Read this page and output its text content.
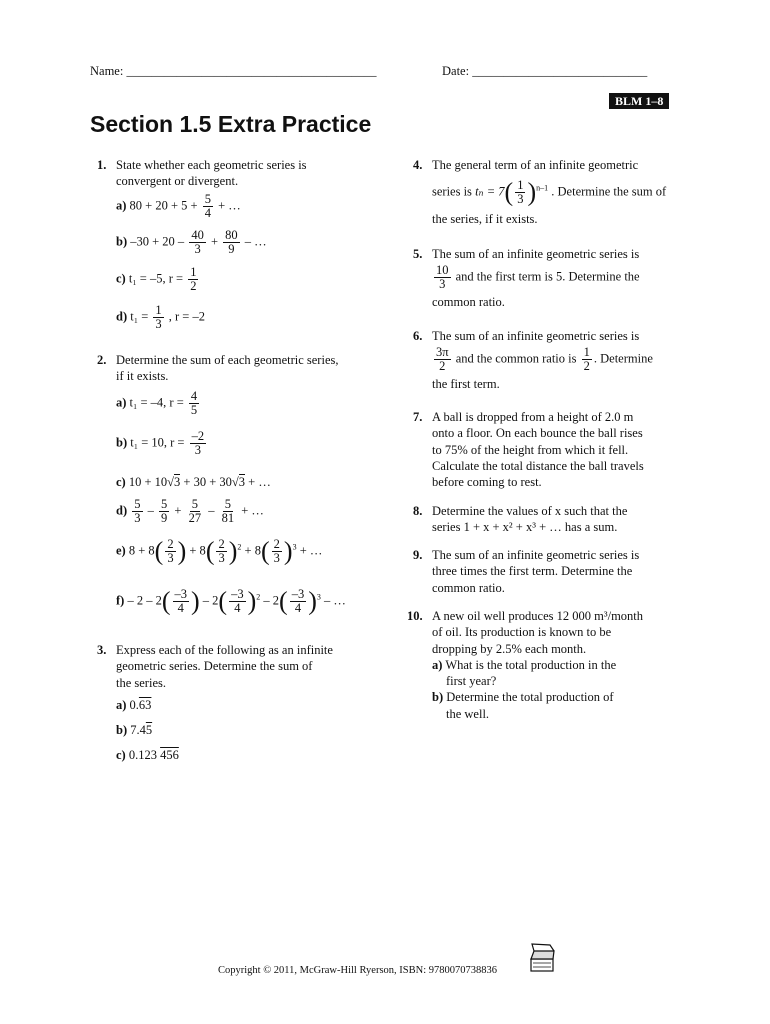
Name: ________________________________________	Date: ____________________________
BLM 1–8
Section 1.5 Extra Practice
1. State whether each geometric series is
convergent or divergent.
a) $80 + 20 + 5 + \frac{5}{4}$ + …
b) $-30 + 20 - \frac{40}{3} + \frac{80}{9}$ – …
c) t₁ = –5, $r = \frac{1}{2}$
d) $t_1 = \frac{1}{3}$ , r = –2
2. Determine the sum of each geometric series,
if it exists.
a) t₁ = –4, $r = \frac{4}{5}$
b) t₁ = 10, $r = \frac{-2}{3}$
c) 10 + 10√3 + 30 + 30√3 + …
$d) \frac{5}{3} - \frac{5}{9} + \frac{5}{27} - \frac{5}{81}$ + …
e) $8 + 8( \frac{2}{3}$ ) + $8( \frac{2}{3} )^2 + 8( \frac{2}{3} )^3$ + …
$f) - 2 - 2( \frac{-3}{4}$ ) – $2( \frac{-3}{4} )^2 - 2( \frac{-3}{4} )^3$ – …
3. Express each of the following as an infinite
geometric series. Determine the sum of
the series.
a) 0.63
b) 7.45
c) 0.123 456
4. The general term of an infinite geometric
series is $t_n = 7( \frac{1}{3} )^{n-1}$ . Determine the sum of
the series, if it exists.
5. The sum of an infinite geometric series is
$\frac{10}{3}$ and the first term is 5. Determine the
common ratio.
6. The sum of an infinite geometric series is
$\frac{3\pi}{2}$ and the common ratio is $\frac{1}{2}$ . Determine
the first term.
7. A ball is dropped from a height of 2.0 m
onto a floor. On each bounce the ball rises
to 75% of the height from which it fell.
Calculate the total distance the ball travels
before coming to rest.
8. Determine the values of x such that the
series 1 + x + x² + x³ + … has a sum.
9. The sum of an infinite geometric series is
three times the first term. Determine the
common ratio.
10. A new oil well produces 12 000 m³/month
of oil. Its production is known to be
dropping by 2.5% each month.
a) What is the total production in the
first year?
b) Determine the total production of
the well.
Copyright © 2011, McGraw-Hill Ryerson, ISBN: 9780070738836
